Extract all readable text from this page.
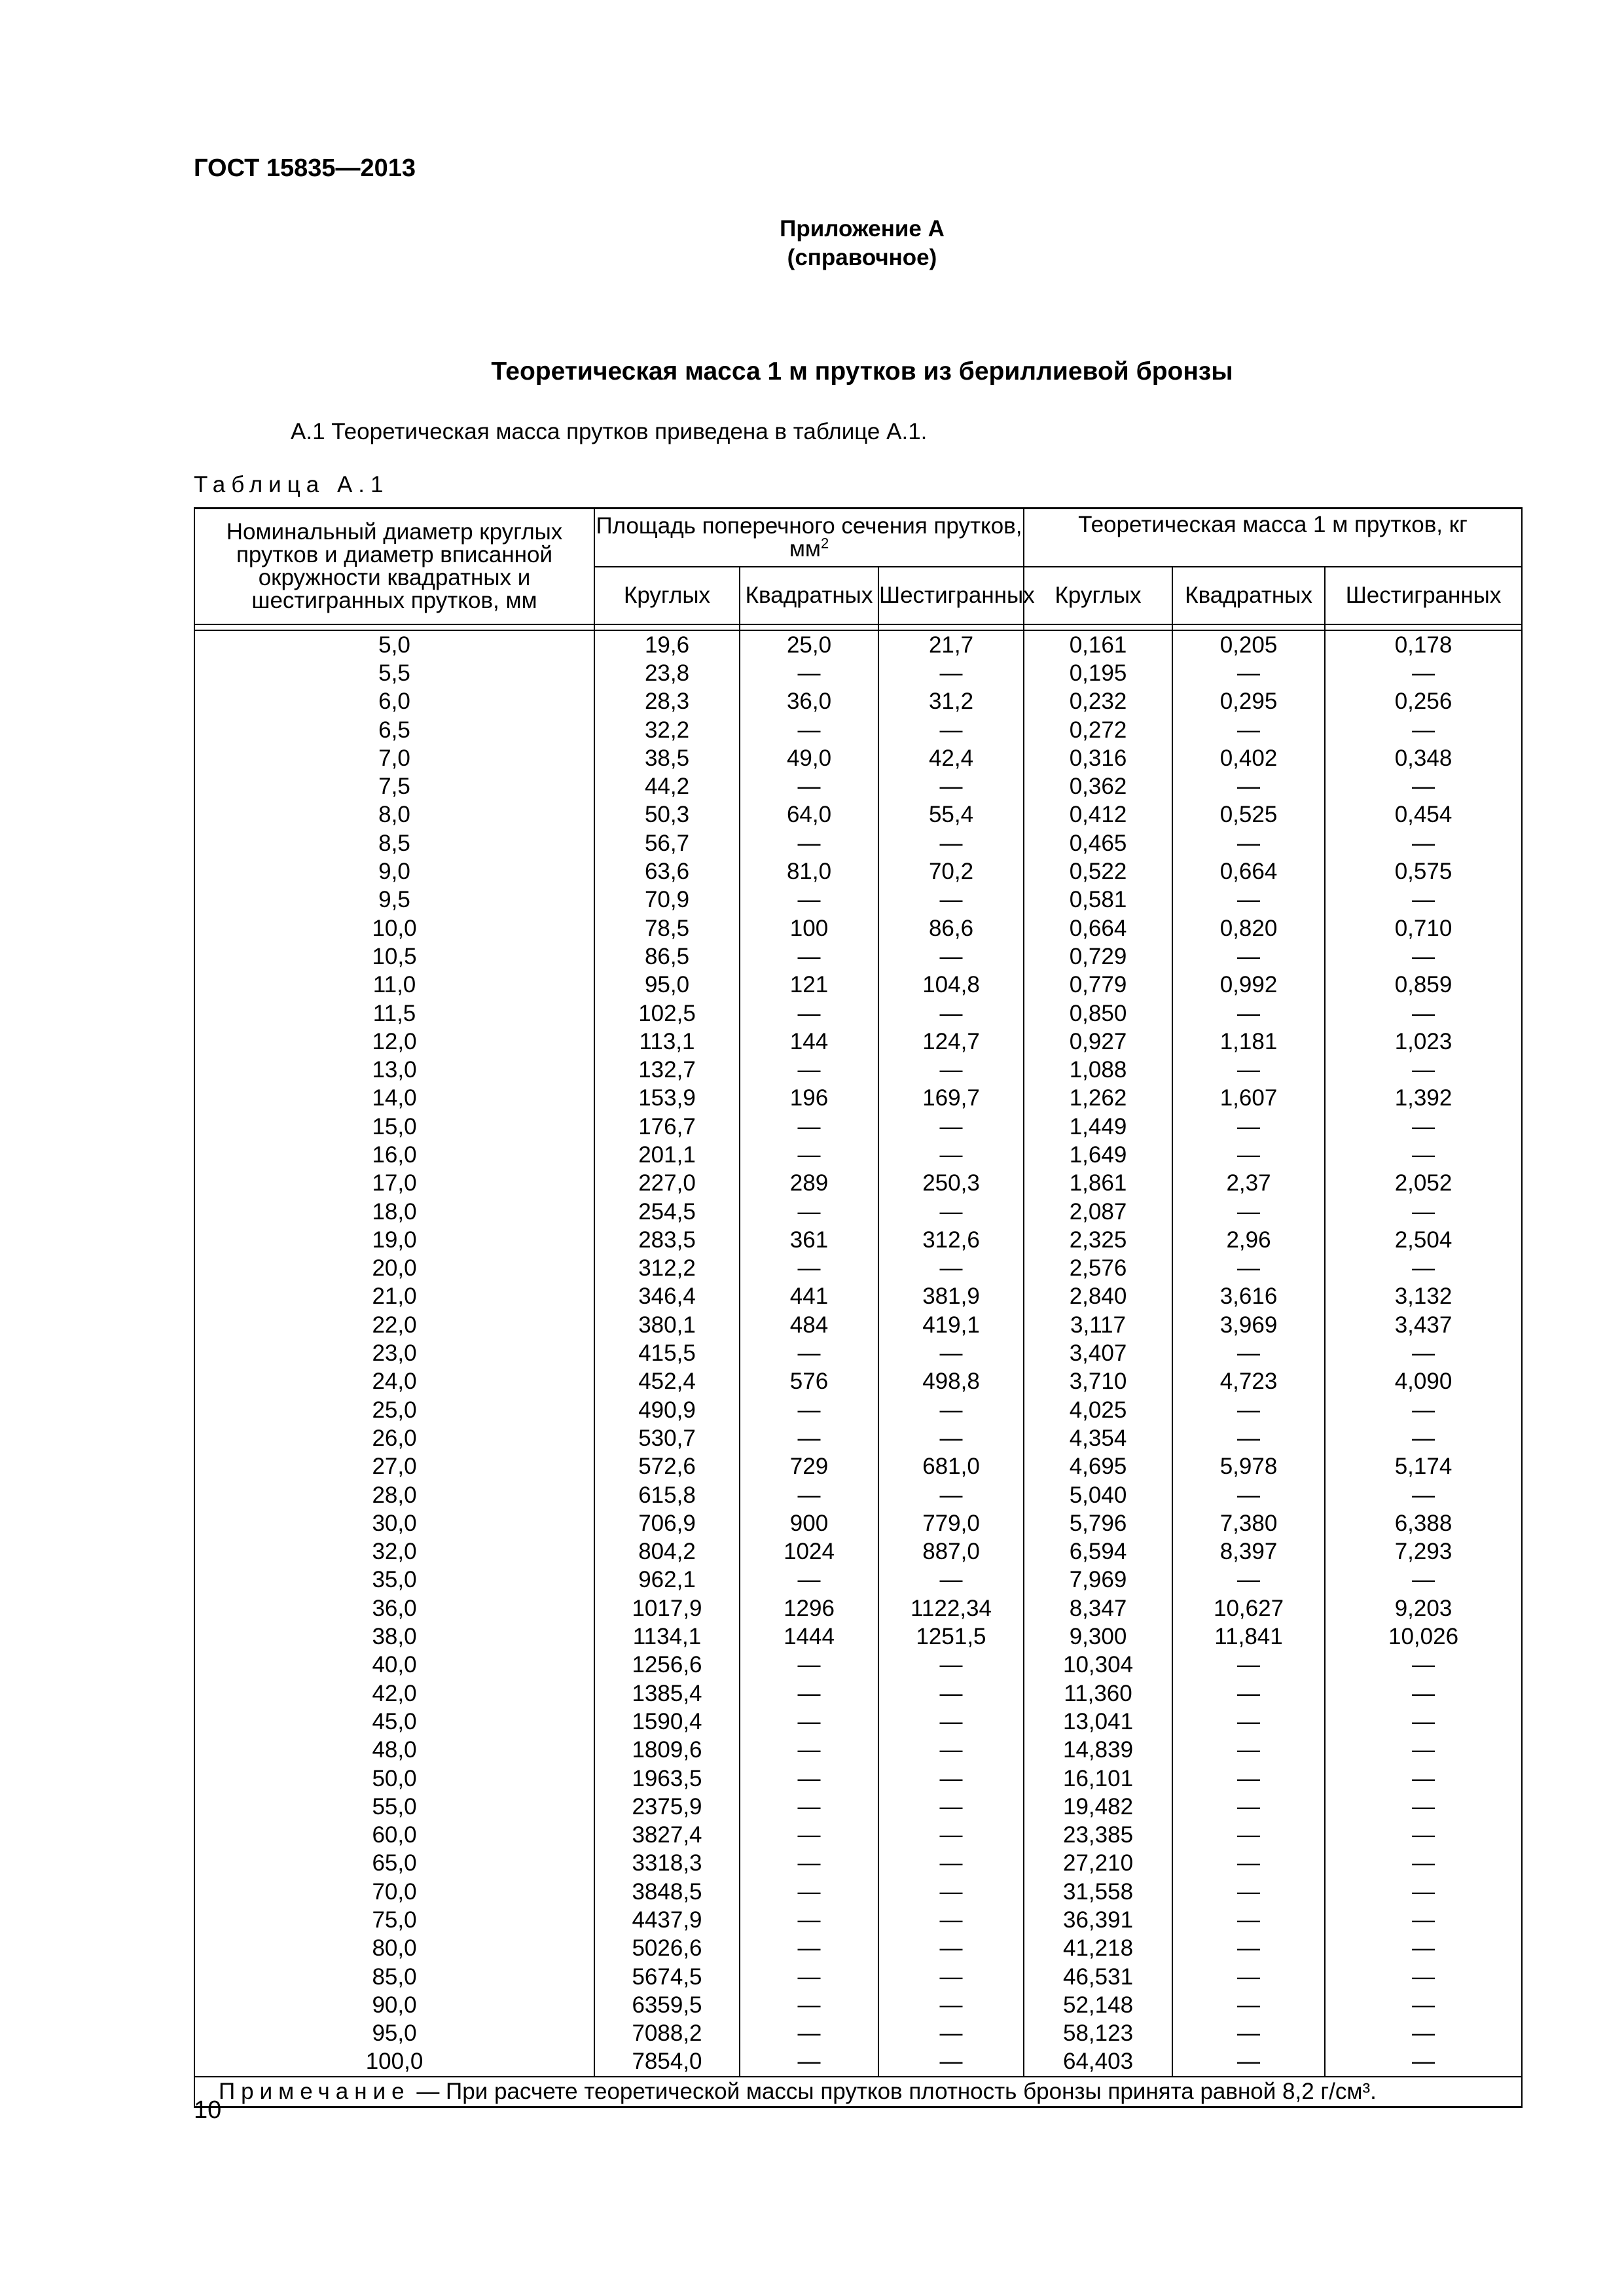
ГОСТ 15835—2013
Приложение А
(справочное)
Теоретическая масса 1 м прутков из бериллиевой бронзы

А.1 Теоретическая масса прутков приведена в таблице А.1.

Таблица А.1
Номинальный диаметр круглых прутков и диаметр вписанной окружности квадратных и шестигранных прутков, мм	Площадь поперечного сечения прутков, $мм^2$			Теоретическая масса 1 м прутков, кг		
	Круглых	Квадратных	Шестигранных	Круглых	Квадратных	Шестигранных

5,0	19,6	25,0	21,7	0,161	0,205	0,178
5,5	23,8	—	—	0,195	—	—
6,0	28,3	36,0	31,2	0,232	0,295	0,256
6,5	32,2	—	—	0,272	—	—
7,0	38,5	49,0	42,4	0,316	0,402	0,348
7,5	44,2	—	—	0,362	—	—
8,0	50,3	64,0	55,4	0,412	0,525	0,454
8,5	56,7	—	—	0,465	—	—
9,0	63,6	81,0	70,2	0,522	0,664	0,575
9,5	70,9	—	—	0,581	—	—
10,0	78,5	100	86,6	0,664	0,820	0,710
10,5	86,5	—	—	0,729	—	—
11,0	95,0	121	104,8	0,779	0,992	0,859
11,5	102,5	—	—	0,850	—	—
12,0	113,1	144	124,7	0,927	1,181	1,023
13,0	132,7	—	—	1,088	—	—
14,0	153,9	196	169,7	1,262	1,607	1,392
15,0	176,7	—	—	1,449	—	—
16,0	201,1	—	—	1,649	—	—
17,0	227,0	289	250,3	1,861	2,37	2,052
18,0	254,5	—	—	2,087	—	—
19,0	283,5	361	312,6	2,325	2,96	2,504
20,0	312,2	—	—	2,576	—	—
21,0	346,4	441	381,9	2,840	3,616	3,132
22,0	380,1	484	419,1	3,117	3,969	3,437
23,0	415,5	—	—	3,407	—	—
24,0	452,4	576	498,8	3,710	4,723	4,090
25,0	490,9	—	—	4,025	—	—
26,0	530,7	—	—	4,354	—	—
27,0	572,6	729	681,0	4,695	5,978	5,174
28,0	615,8	—	—	5,040	—	—
30,0	706,9	900	779,0	5,796	7,380	6,388
32,0	804,2	1024	887,0	6,594	8,397	7,293
35,0	962,1	—	—	7,969	—	—
36,0	1017,9	1296	1122,34	8,347	10,627	9,203
38,0	1134,1	1444	1251,5	9,300	11,841	10,026
40,0	1256,6	—	—	10,304	—	—
42,0	1385,4	—	—	11,360	—	—
45,0	1590,4	—	—	13,041	—	—
48,0	1809,6	—	—	14,839	—	—
50,0	1963,5	—	—	16,101	—	—
55,0	2375,9	—	—	19,482	—	—
60,0	3827,4	—	—	23,385	—	—
65,0	3318,3	—	—	27,210	—	—
70,0	3848,5	—	—	31,558	—	—
75,0	4437,9	—	—	36,391	—	—
80,0	5026,6	—	—	41,218	—	—
85,0	5674,5	—	—	46,531	—	—
90,0	6359,5	—	—	52,148	—	—
95,0	7088,2	—	—	58,123	—	—
100,0	7854,0	—	—	64,403	—	—
Примечание — При расчете теоретической массы прутков плотность бронзы принята равной 8,2 г/см³.						
10
